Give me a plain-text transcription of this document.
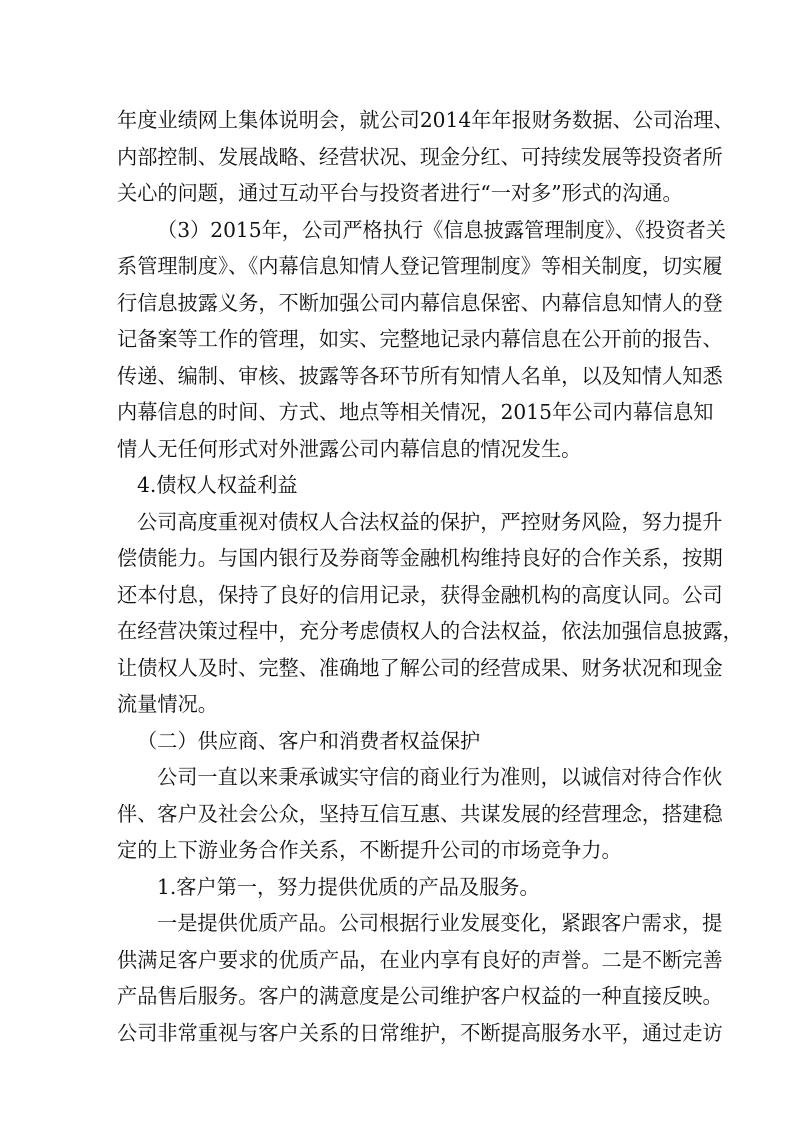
年度业绩网上集体说明会，就公司2014年年报财务数据、公司治理、
内部控制、发展战略、经营状况、现金分红、可持续发展等投资者所
关心的问题，通过互动平台与投资者进行“一对多”形式的沟通。
（3）2015年，公司严格执行《信息披露管理制度》、《投资者关
系管理制度》、《内幕信息知情人登记管理制度》等相关制度，切实履
行信息披露义务，不断加强公司内幕信息保密、内幕信息知情人的登
记备案等工作的管理，如实、完整地记录内幕信息在公开前的报告、
传递、编制、审核、披露等各环节所有知情人名单，以及知情人知悉
内幕信息的时间、方式、地点等相关情况，2015年公司内幕信息知
情人无任何形式对外泄露公司内幕信息的情况发生。
4.债权人权益利益
公司高度重视对债权人合法权益的保护，严控财务风险，努力提升
偿债能力。与国内银行及券商等金融机构维持良好的合作关系，按期
还本付息，保持了良好的信用记录，获得金融机构的高度认同。公司
在经营决策过程中，充分考虑债权人的合法权益，依法加强信息披露，
让债权人及时、完整、准确地了解公司的经营成果、财务状况和现金
流量情况。
（二）供应商、客户和消费者权益保护
公司一直以来秉承诚实守信的商业行为准则，以诚信对待合作伙
伴、客户及社会公众，坚持互信互惠、共谋发展的经营理念，搭建稳
定的上下游业务合作关系，不断提升公司的市场竞争力。
1.客户第一，努力提供优质的产品及服务。
一是提供优质产品。公司根据行业发展变化，紧跟客户需求，提
供满足客户要求的优质产品，在业内享有良好的声誉。二是不断完善
产品售后服务。客户的满意度是公司维护客户权益的一种直接反映。
公司非常重视与客户关系的日常维护，不断提高服务水平，通过走访
